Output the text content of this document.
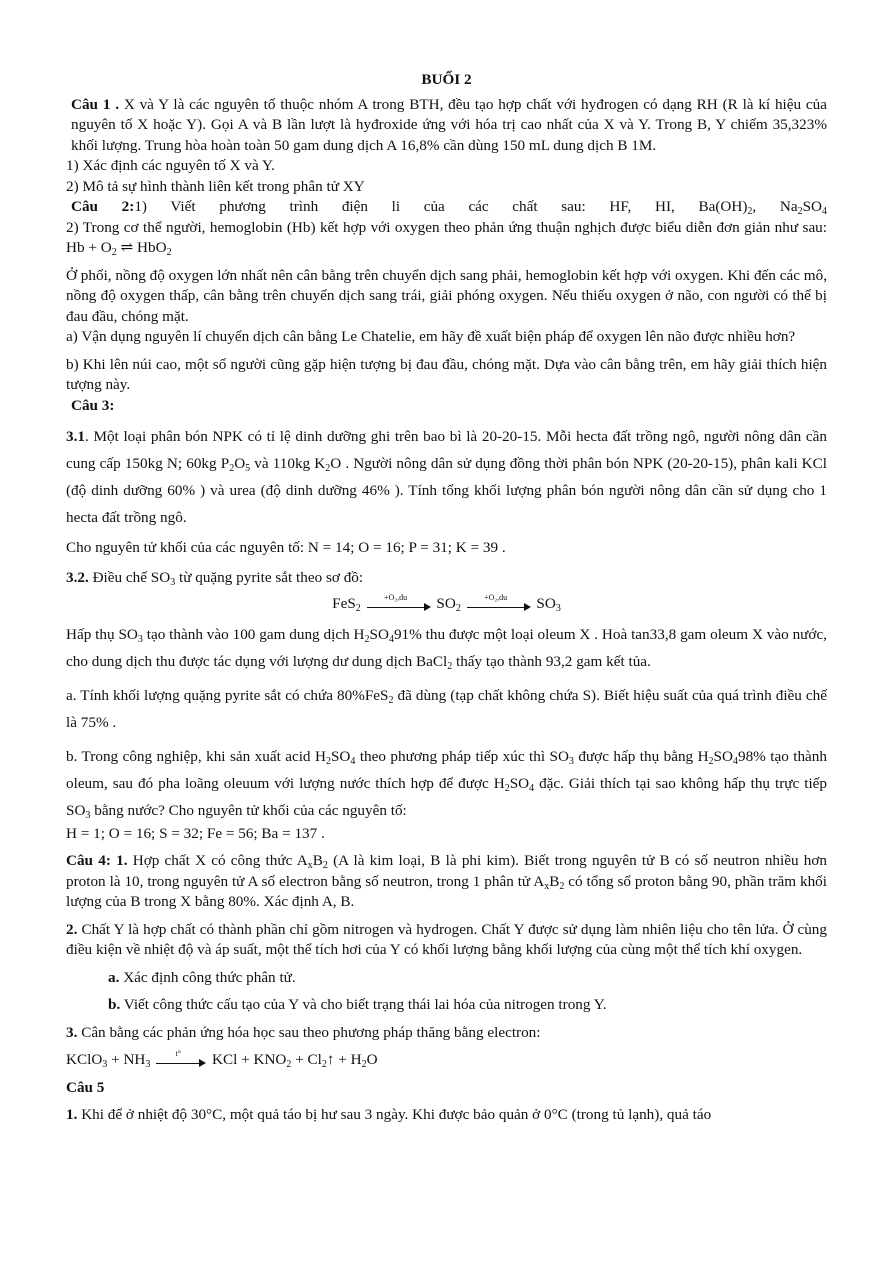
BUỔI 2

Câu 1 . X và Y là các nguyên tố thuộc nhóm A trong BTH, đều tạo hợp chất với hyđrogen có dạng RH (R là kí hiệu của nguyên tố X hoặc Y). Gọi A và B lần lượt là hyđroxide ứng với hóa trị cao nhất của X và Y. Trong B, Y chiếm 35,323% khối lượng. Trung hòa hoàn toàn 50 gam dung dịch A 16,8% cần dùng 150 mL dung dịch B 1M.

1) Xác định các nguyên tố X và Y.

2) Mô tả sự hình thành liên kết trong phân tử XY

Câu 2:1) Viết phương trình điện li của các chất sau: HF, HI, $Ba(OH)_2$, $Na_2SO_4$

2) Trong cơ thể người, hemoglobin (Hb) kết hợp với oxygen theo phản ứng thuận nghịch được biểu diễn đơn giản như sau: $Hb + O_2$ ⇌ HbO$_2$

Ở phổi, nồng độ oxygen lớn nhất nên cân bằng trên chuyển dịch sang phải, hemoglobin kết hợp với oxygen. Khi đến các mô, nồng độ oxygen thấp, cân bằng trên chuyển dịch sang trái, giải phóng oxygen. Nếu thiếu oxygen ở não, con người có thể bị đau đầu, chóng mặt.

a) Vận dụng nguyên lí chuyển dịch cân bằng Le Chatelie, em hãy đề xuất biện pháp để oxygen lên não được nhiều hơn?

b) Khi lên núi cao, một số người cũng gặp hiện tượng bị đau đầu, chóng mặt. Dựa vào cân bằng trên, em hãy giải thích hiện tượng này.

Câu 3:

3.1. Một loại phân bón NPK có tỉ lệ dinh dưỡng ghi trên bao bì là 20-20-15. Mỗi hecta đất trồng ngô, người nông dân cần cung cấp 150kg N; 60kg $P_2O_5$ và 110kg $K_2O$ . Người nông dân sử dụng đồng thời phân bón NPK (20-20-15), phân kali KCl (độ dinh dưỡng 60% ) và urea (độ dinh dưỡng 46% ). Tính tổng khối lượng phân bón người nông dân cần sử dụng cho 1 hecta đất trồng ngô.

Cho nguyên tử khối của các nguyên tố: N = 14; O = 16; P = 31; K = 39 .

3.2. Điều chế $SO_3$ từ quặng pyrite sắt theo sơ đồ:

FeS$_2$
+O₂,du	$SO_2$
+O₂,du	$SO_3$

Hấp thụ $SO_3$ tạo thành vào 100 gam dung dịch $H_2SO_491\%$ thu được một loại oleum X . Hoà tan33,8 gam oleum X vào nước, cho dung dịch thu được tác dụng với lượng dư dung dịch BaCl$_2$ thấy tạo thành 93,2 gam kết tủa.

a. Tính khối lượng quặng pyrite sắt có chứa 80%FeS$_2$ đã dùng (tạp chất không chứa S). Biết hiệu suất của quá trình điều chế là 75% .

b. Trong công nghiệp, khi sản xuất acid $H_2SO_4$ theo phương pháp tiếp xúc thì $SO_3$ được hấp thụ bằng $H_2SO_498\%$ tạo thành oleum, sau đó pha loãng oleuum với lượng nước thích hợp để được $H_2SO_4$ đặc. Giải thích tại sao không hấp thụ trực tiếp $SO_3$ bằng nước? Cho nguyên tử khối của các nguyên tố:

H = 1; O = 16; S = 32; Fe = 56; Ba = 137 .

Câu 4: 1. Hợp chất X có công thức $A_xB_2$ (A là kim loại, B là phi kim). Biết trong nguyên tử B có số neutron nhiều hơn proton là 10, trong nguyên tử A số electron bằng số neutron, trong 1 phân tử $A_xB_2$ có tổng số proton bằng 90, phần trăm khối lượng của B trong X bằng 80%. Xác định A, B.

2. Chất Y là hợp chất có thành phần chỉ gồm nitrogen và hydrogen. Chất Y được sử dụng làm nhiên liệu cho tên lửa. Ở cùng điều kiện về nhiệt độ và áp suất, một thể tích hơi của Y có khối lượng bằng khối lượng của cùng một thể tích khí oxygen.

a. Xác định công thức phân tử.

b. Viết công thức cấu tạo của Y và cho biết trạng thái lai hóa của nitrogen trong Y.

3. Cân bằng các phản ứng hóa học sau theo phương pháp thăng bằng electron:

KClO$_3$ + $NH_3$
t°	KCl + $KNO_2$ + $Cl_2↑ + H_2O$

Câu 5

1. Khi để ở nhiệt độ 30°C, một quả táo bị hư sau 3 ngày. Khi được bảo quản ở 0°C (trong tủ lạnh), quả táo
